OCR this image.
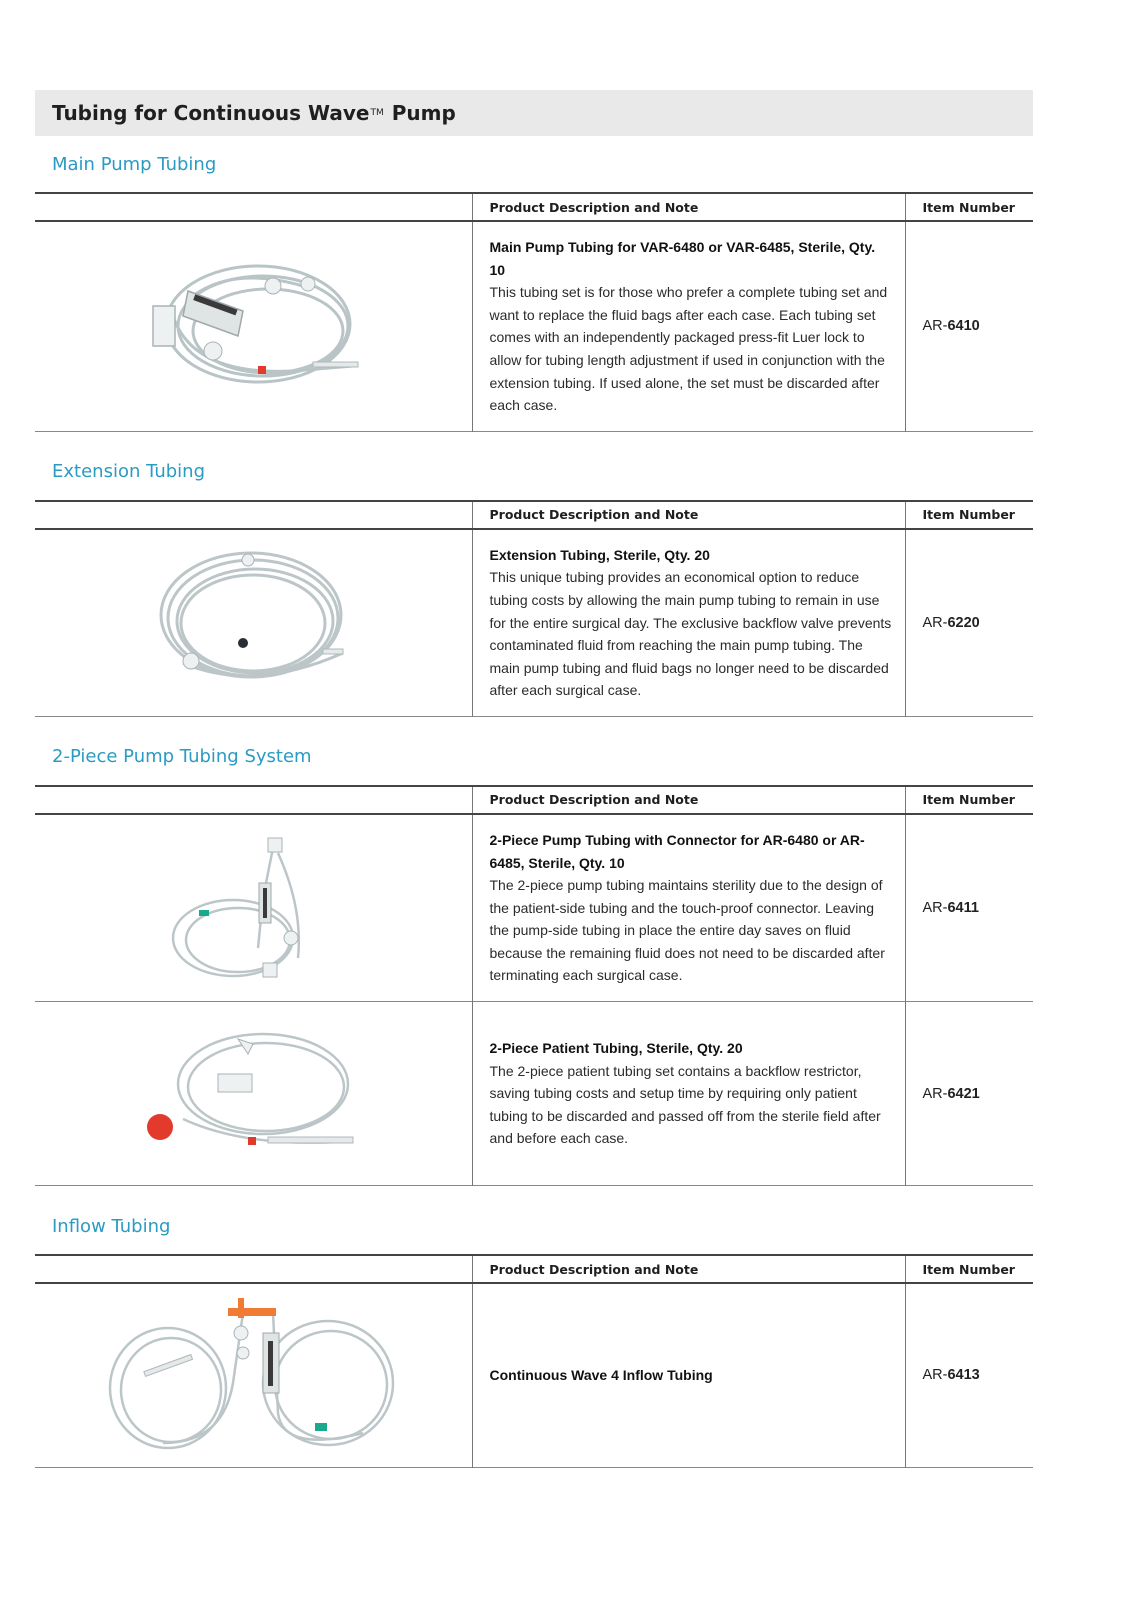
Tubing for Continuous Wave TM
Pump
Main Pump Tubing
	Product Description and Note	Item Number

Main Pump Tubing for VAR-6480 or VAR-6485, Sterile, Qty. 10
This tubing set is for those who prefer a complete tubing set and want to replace the fluid bags after each case. Each tubing set comes with an independently packaged press-fit Luer lock to allow for tubing length adjustment if used in conjunction with the extension tubing. If used alone, the set must be discarded after each case.	AR-6410
Extension Tubing
	Product Description and Note	Item Number

Extension Tubing, Sterile, Qty. 20
This unique tubing provides an economical option to reduce tubing costs by allowing the main pump tubing to remain in use for the entire surgical day. The exclusive backflow valve prevents contaminated fluid from reaching the main pump tubing. The main pump tubing and fluid bags no longer need to be discarded after each surgical case.	AR-6220
2-Piece Pump Tubing System
	Product Description and Note	Item Number

2-Piece Pump Tubing with Connector for AR-6480 or AR-6485, Sterile, Qty. 10
The 2-piece pump tubing maintains sterility due to the design of the patient-side tubing and the touch-proof connector. Leaving the pump-side tubing in place the entire day saves on fluid because the remaining fluid does not need to be discarded after terminating each surgical case.	AR-6411

2-Piece Patient Tubing, Sterile, Qty. 20
The 2-piece patient tubing set contains a backflow restrictor, saving tubing costs and setup time by requiring only patient tubing to be discarded and passed off from the sterile field after and before each case.	AR-6421
Inflow Tubing
	Product Description and Note	Item Number

Continuous Wave 4 Inflow Tubing	AR-6413
